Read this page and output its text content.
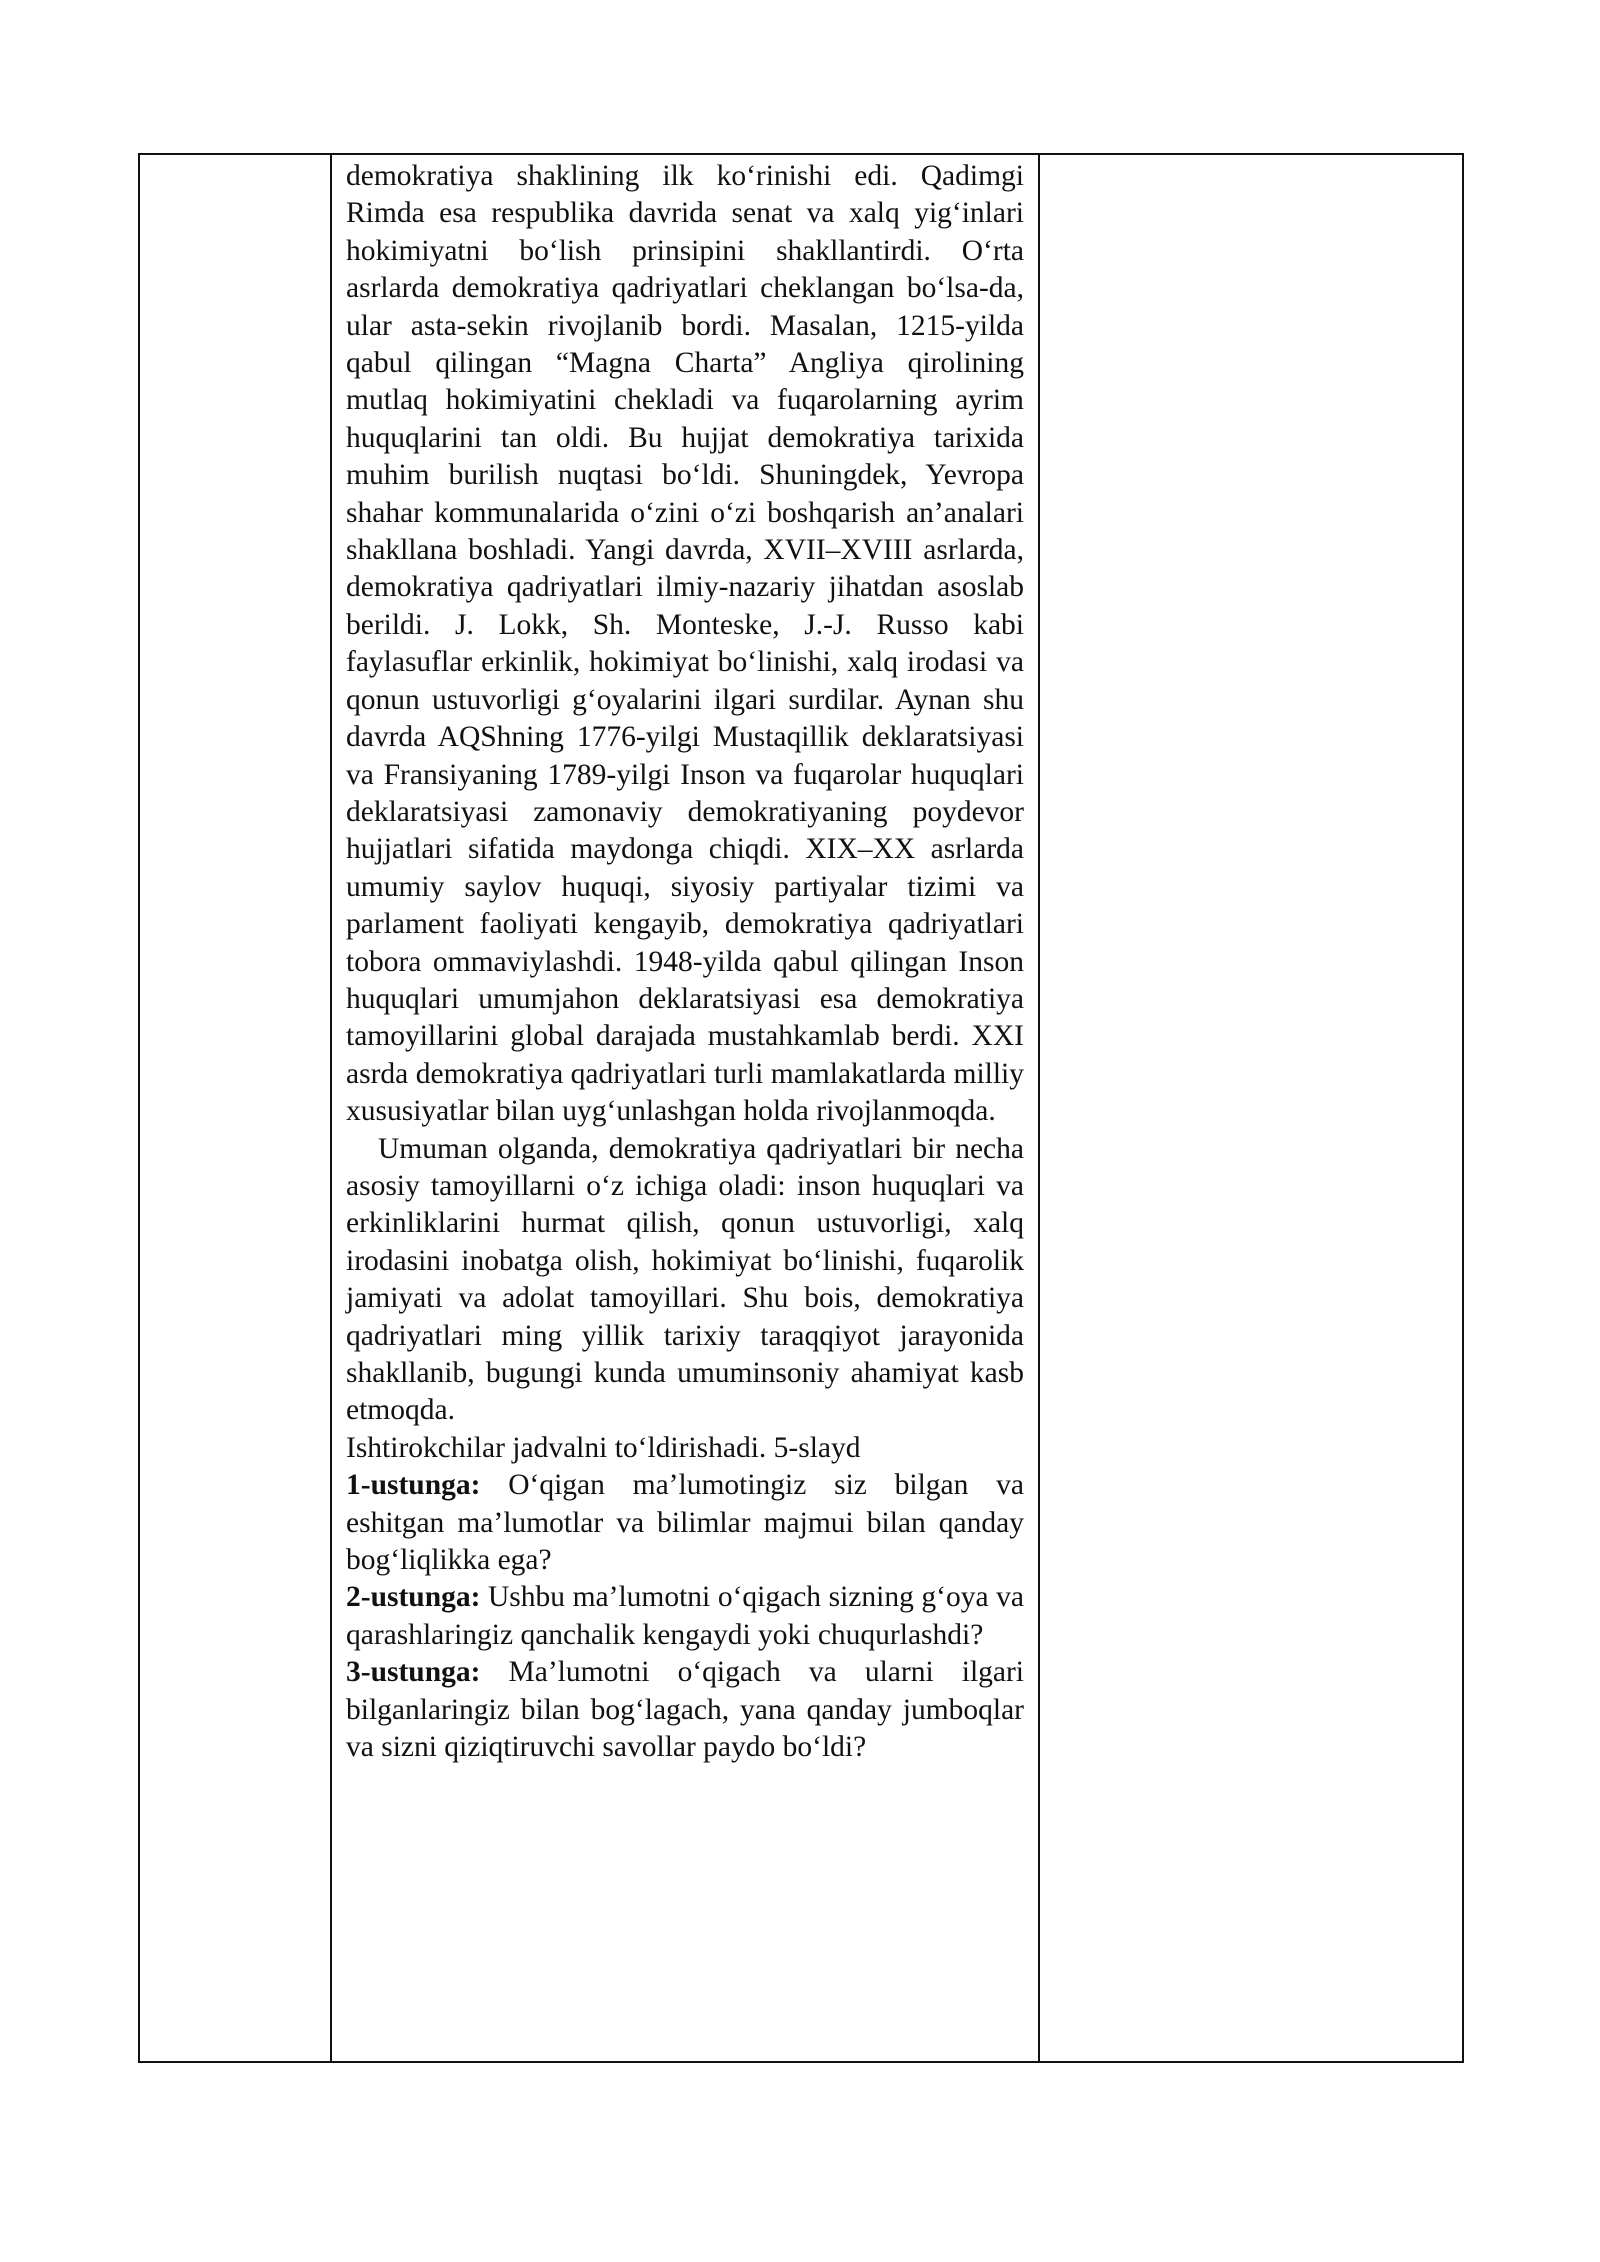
demokratiya shaklining ilk koʻrinishi edi. Qadimgi Rimda esa respublika davrida senat va xalq yigʻinlari hokimiyatni boʻlish prinsipini shakllantirdi. Oʻrta asrlarda demokratiya qadriyatlari cheklangan boʻlsa-da, ular asta-sekin rivojlanib bordi. Masalan, 1215-yilda qabul qilingan “Magna Charta” Angliya qirolining mutlaq hokimiyatini chekladi va fuqarolarning ayrim huquqlarini tan oldi. Bu hujjat demokratiya tarixida muhim burilish nuqtasi boʻldi. Shuningdek, Yevropa shahar kommunalarida oʻzini oʻzi boshqarish an’analari shakllana boshladi. Yangi davrda, XVII–XVIII asrlarda, demokratiya qadriyatlari ilmiy-nazariy jihatdan asoslab berildi. J. Lokk, Sh. Monteske, J.-J. Russo kabi faylasuflar erkinlik, hokimiyat boʻlinishi, xalq irodasi va qonun ustuvorligi gʻoyalarini ilgari surdilar. Aynan shu davrda AQShning 1776-yilgi Mustaqillik deklaratsiyasi va Fransiyaning 1789-yilgi Inson va fuqarolar huquqlari deklaratsiyasi zamonaviy demokratiyaning poydevor hujjatlari sifatida maydonga chiqdi. XIX–XX asrlarda umumiy saylov huquqi, siyosiy partiyalar tizimi va parlament faoliyati kengayib, demokratiya qadriyatlari tobora ommaviylashdi. 1948-yilda qabul qilingan Inson huquqlari umumjahon deklaratsiyasi esa demokratiya tamoyillarini global darajada mustahkamlab berdi. XXI asrda demokratiya qadriyatlari turli mamlakatlarda milliy xususiyatlar bilan uygʻunlashgan holda rivojlanmoqda.

Umuman olganda, demokratiya qadriyatlari bir necha asosiy tamoyillarni oʻz ichiga oladi: inson huquqlari va erkinliklarini hurmat qilish, qonun ustuvorligi, xalq irodasini inobatga olish, hokimiyat boʻlinishi, fuqarolik jamiyati va adolat tamoyillari. Shu bois, demokratiya qadriyatlari ming yillik tarixiy taraqqiyot jarayonida shakllanib, bugungi kunda umuminsoniy ahamiyat kasb etmoqda.

Ishtirokchilar jadvalni toʻldirishadi. 5-slayd

1-ustunga: Oʻqigan ma’lumotingiz siz bilgan va eshitgan ma’lumotlar va bilimlar majmui bilan qanday bogʻliqlikka ega?

2-ustunga: Ushbu ma’lumotni oʻqigach sizning gʻoya va qarashlaringiz qanchalik kengaydi yoki chuqurlashdi?

3-ustunga: Ma’lumotni oʻqigach va ularni ilgari bilganlaringiz bilan bogʻlagach, yana qanday jumboqlar va sizni qiziqtiruvchi savollar paydo boʻldi?
